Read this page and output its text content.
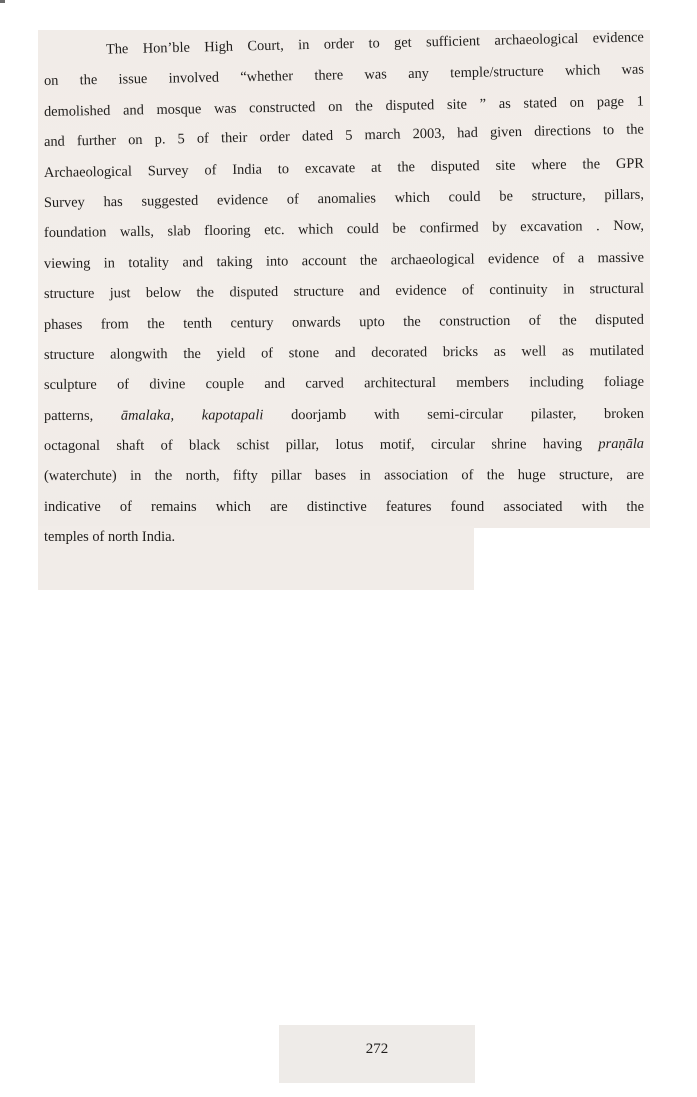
The Hon’ble High Court, in order to get sufficient archaeological evidence
on the issue involved “whether there was any temple/structure which was
demolished and mosque was constructed on the disputed site ” as stated on page 1
and further on p. 5 of their order dated 5 march 2003, had given directions to the
Archaeological Survey of India to excavate at the disputed site where the GPR
Survey has suggested evidence of anomalies which could be structure, pillars,
foundation walls, slab flooring etc. which could be confirmed by excavation . Now,
viewing in totality and taking into account the archaeological evidence of a massive
structure just below the disputed structure and evidence of continuity in structural
phases from the tenth century onwards upto the construction of the disputed
structure alongwith the yield of stone and decorated bricks as well as mutilated
sculpture of divine couple and carved architectural members including foliage
patterns, āmalaka, kapotapali doorjamb with semi-circular pilaster, broken
octagonal shaft of black schist pillar, lotus motif, circular shrine having praṇāla
(waterchute) in the north, fifty pillar bases in association of the huge structure, are
indicative of remains which are distinctive features found associated with the
temples of north India.
272
